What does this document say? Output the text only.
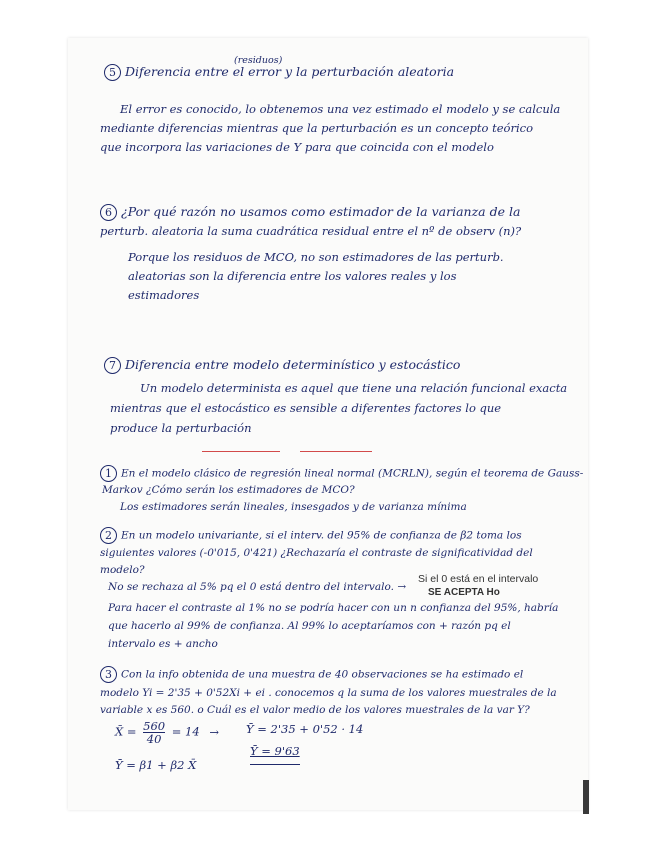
5 Diferencia entre el error y la perturbación aleatoria
(residuos)
El error es conocido, lo obtenemos una vez estimado el modelo y se calcula
mediante diferencias mientras que la perturbación es un concepto teórico
que incorpora las variaciones de Y para que coincida con el modelo
6 ¿Por qué razón no usamos como estimador de la varianza de la
perturb. aleatoria la suma cuadrática residual entre el nº de observ (n)?
Porque los residuos de MCO, no son estimadores de las perturb.
aleatorias son la diferencia entre los valores reales y los
estimadores
7 Diferencia entre modelo determinístico y estocástico
Un modelo determinista es aquel que tiene una relación funcional exacta
mientras que el estocástico es sensible a diferentes factores lo que
produce la perturbación
1 En el modelo clásico de regresión lineal normal (MCRLN), según el teorema de Gauss-
Markov ¿Cómo serán los estimadores de MCO?
Los estimadores serán lineales, insesgados y de varianza mínima
2 En un modelo univariante, si el interv. del 95% de confianza de β2 toma los
siguientes valores (-0'015, 0'421) ¿Rechazaría el contraste de significatividad del
modelo?
No se rechaza al 5% pq el 0 está dentro del intervalo. →
Si el 0 está en el intervalo
SE ACEPTA Ho
Para hacer el contraste al 1% no se podría hacer con un n confianza del 95%, habría
que hacerlo al 99% de confianza. Al 99% lo aceptaríamos con + razón pq el
intervalo es + ancho
3 Con la info obtenida de una muestra de 40 observaciones se ha estimado el
modelo Yi = 2'35 + 0'52Xi + ei . conocemos q la suma de los valores muestrales de la
variable x es 560. o Cuál es el valor medio de los valores muestrales de la var Y?
X̄ = $\frac{560}{40} = 14$ →	Ȳ = 2'35 + 0'52 · 14
Ȳ = 9'63
Ȳ = β1 + β2 X̄
